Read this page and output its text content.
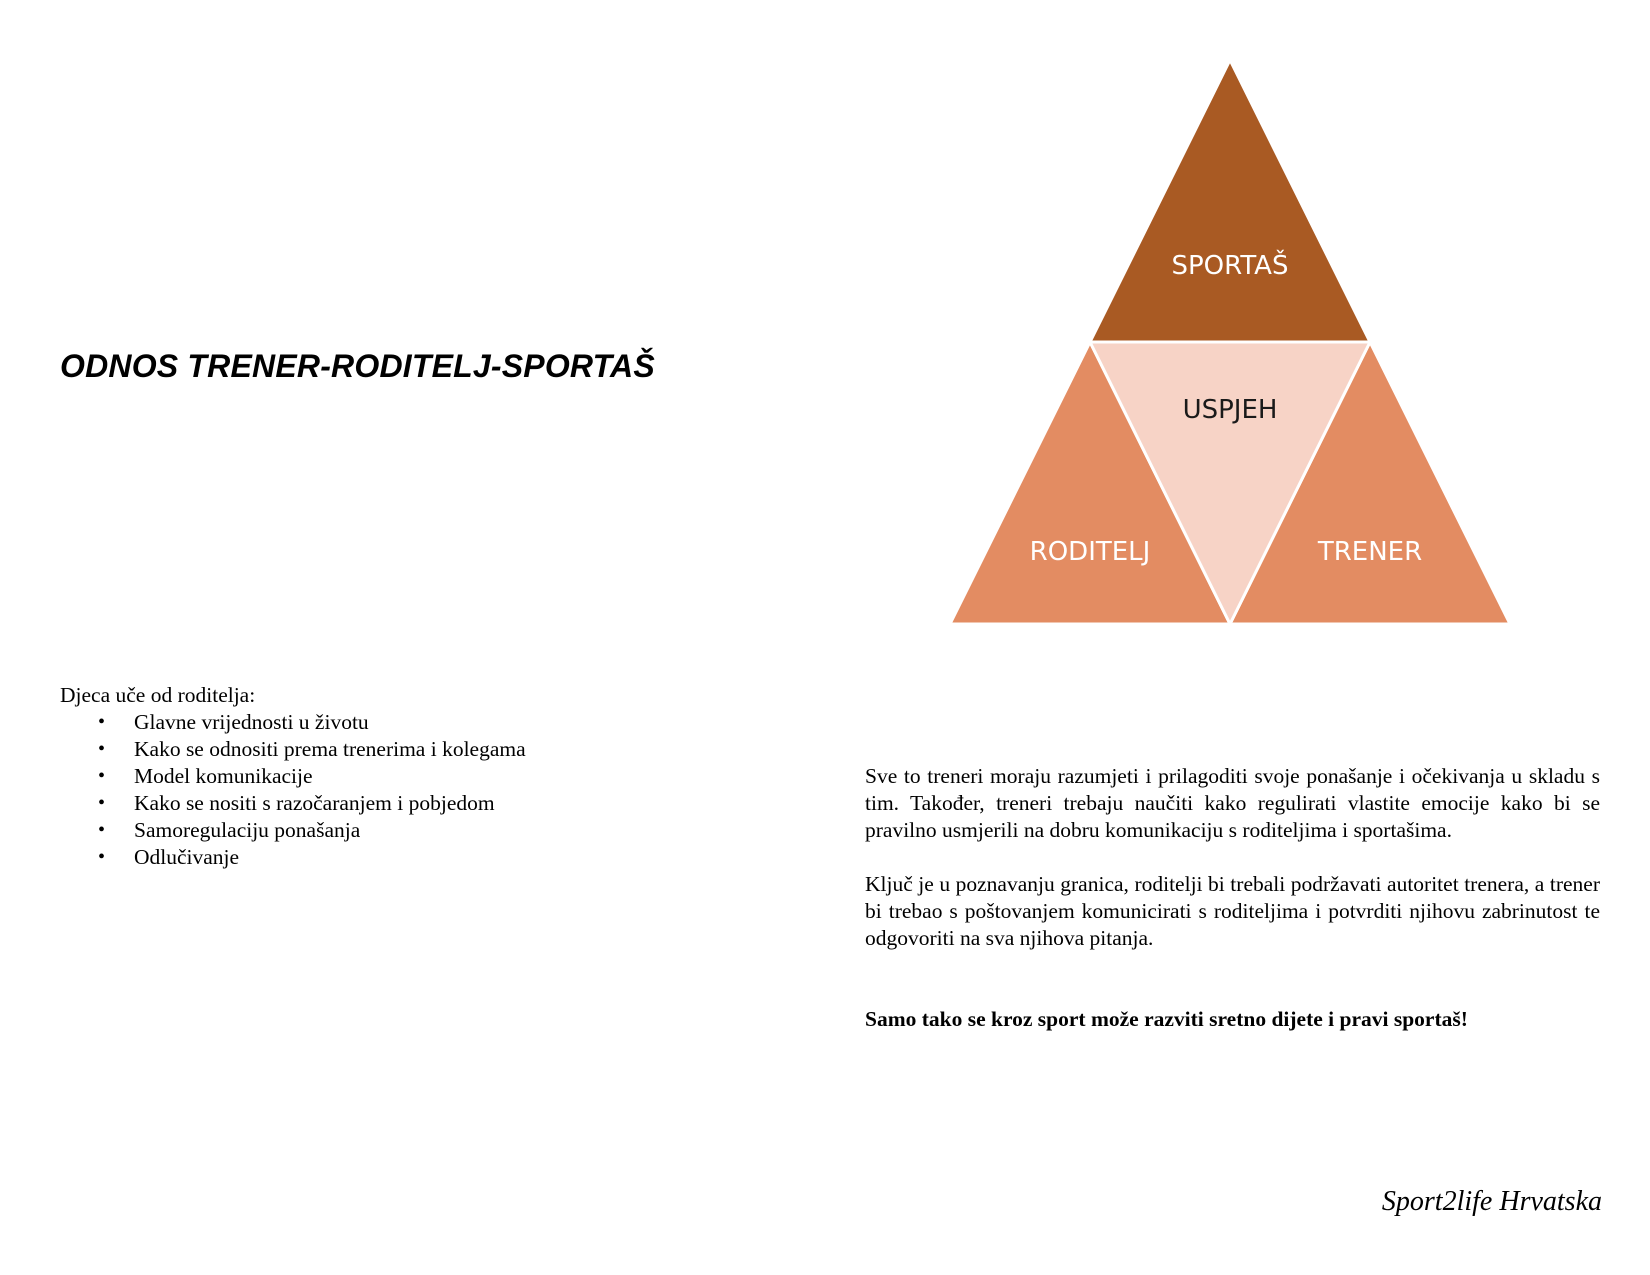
ODNOS TRENER-RODITELJ-SPORTAŠ
SPORTAŠ
USPJEH
RODITELJ	TRENER

Djeca uče od roditelja:

• Glavne vrijednosti u životu
• Kako se odnositi prema trenerima i kolegama
• Model komunikacije
• Kako se nositi s razočaranjem i pobjedom
• Samoregulaciju ponašanja
• Odlučivanje

Sve to treneri moraju razumjeti i prilagoditi svoje ponašanje i očekivanja u skladu s tim. Također, treneri trebaju naučiti kako regulirati vlastite emocije kako bi se pravilno usmjerili na dobru komunikaciju s roditeljima i sportašima.

Ključ je u poznavanju granica, roditelji bi trebali podržavati autoritet trenera, a trener bi trebao s poštovanjem komunicirati s roditeljima i potvrditi njihovu zabrinutost te odgovoriti na sva njihova pitanja.

Samo tako se kroz sport može razviti sretno dijete i pravi sportaš!

Sport2life Hrvatska
